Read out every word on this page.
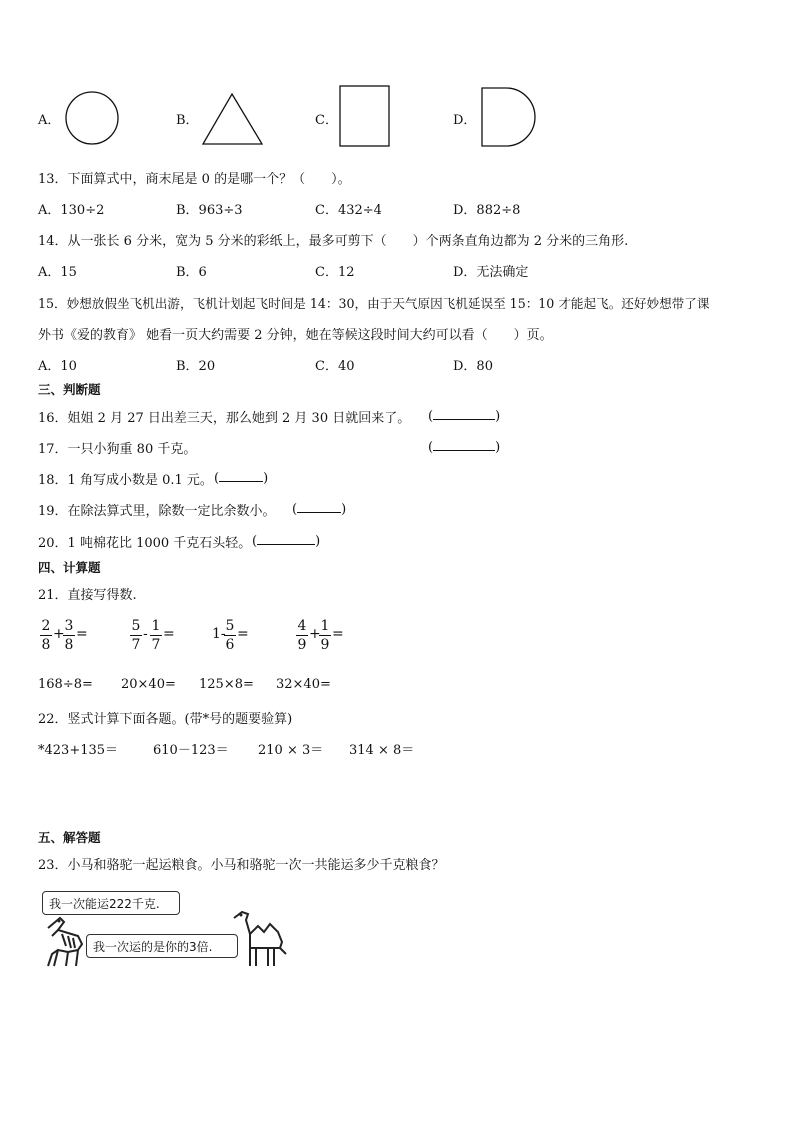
A．	B．	C．	D．
13．下面算式中，商末尾是 0 的是哪一个？（　　）。
A．130÷2	B．963÷3	C．432÷4	D．882÷8
14．从一张长 6 分米，宽为 5 分米的彩纸上，最多可剪下（　　）个两条直角边都为 2 分米的三角形.
A．15	B．6	C．12	D．无法确定
15．妙想放假坐飞机出游，飞机计划起飞时间是 14：30，由于天气原因飞机延误至 15：10 才能起飞。还好妙想带了课
外书《爱的教育》 她看一页大约需要 2 分钟，她在等候这段时间大约可以看（　　）页。
A．10	B．20	C．40	D．80
三、判断题
16．姐姐 2 月 27 日出差三天，那么她到 2 月 30 日就回来了。 (	)
17．一只小狗重 80 千克。	(	)
18．1 角写成小数是 0.1 元。 (	)
19．在除法算式里，除数一定比余数小。 (	)
20．1 吨棉花比 1000 千克石头轻。 (	)
四、计算题
21．直接写得数.
2
8
+ 3
8
=	5
7
- 1
7
=	1- 5
6
=	4
9
+ 1
9
=
168÷8= 20×40= 125×8= 32×40=
22．竖式计算下面各题。(带*号的题要验算)
*423+135＝	610－123＝ 210 × 3＝ 314 × 8＝
五、解答题
23．小马和骆驼一起运粮食。小马和骆驼一次一共能运多少千克粮食？
我一次能运222千克.
我一次运的是你的3倍.
